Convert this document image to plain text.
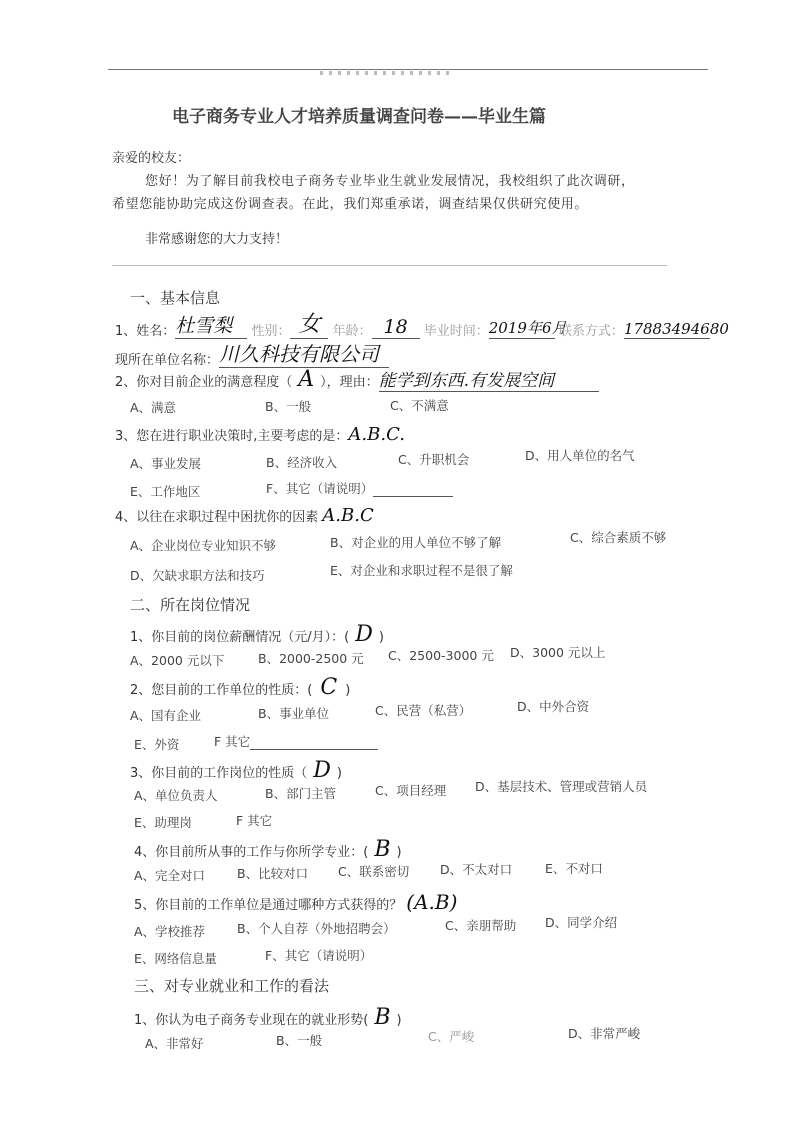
电子商务专业人才培养质量调查问卷——毕业生篇
亲爱的校友：
您好！为了解目前我校电子商务专业毕业生就业发展情况，我校组织了此次调研，
希望您能协助完成这份调查表。在此，我们郑重承诺，调查结果仅供研究使用。
非常感谢您的大力支持！
一、基本信息
1、姓名：杜雪梨 性别： 女 年龄： 18 毕业时间：2019年6月 联系方式：17883494680
现所在单位名称：川久科技有限公司
2、你对目前企业的满意程度（ A ），理由：能学到东西.有发展空间
A、满意	B、一般	C、不满意
3、您在进行职业决策时,主要考虑的是：A.B.C.
A、事业发展	B、经济收入	C、升职机会	D、用人单位的名气
E、工作地区	F、其它（请说明）
4、以往在求职过程中困扰你的因素 A.B.C
A、企业岗位专业知识不够	B、对企业的用人单位不够了解	C、综合素质不够
D、欠缺求职方法和技巧	E、对企业和求职过程不是很了解
二、所在岗位情况
1、你目前的岗位薪酬情况（元/月）：( D )
A、2000 元以下	B、2000-2500 元 C、2500-3000 元 D、3000 元以上
2、您目前的工作单位的性质：( C )
A、国有企业	B、事业单位	C、民营（私营）	D、中外合资
E、外资	F 其它
3、你目前的工作岗位的性质（ D )
A、单位负责人	B、部门主管	C、项目经理 D、基层技术、管理或营销人员
E、助理岗	F 其它
4、你目前所从事的工作与你所学专业：( B )
A、完全对口	B、比较对口 C、联系密切 D、不太对口	E、不对口
5、你目前的工作单位是通过哪种方式获得的？ (A.B)
A、学校推荐	B、个人自荐（外地招聘会）	C、亲朋帮助 D、同学介绍
E、网络信息量	F、其它（请说明）
三、对专业就业和工作的看法
1、你认为电子商务专业现在的就业形势( B )
A、非常好	B、一般	C、严峻	D、非常严峻
